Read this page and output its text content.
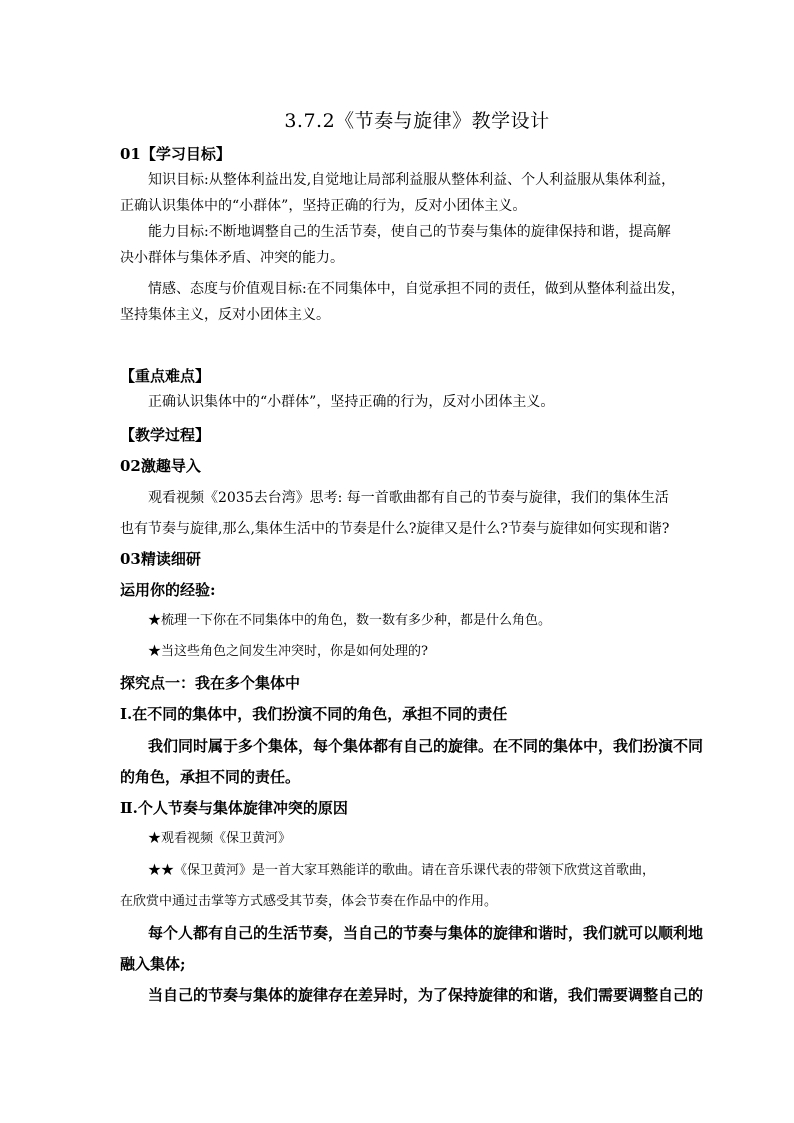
3.7.2《节奏与旋律》教学设计
01【学习目标】
知识目标:从整体利益出发,自觉地让局部利益服从整体利益、个人利益服从集体利益，
正确认识集体中的“小群体”，坚持正确的行为，反对小团体主义。
能力目标:不断地调整自己的生活节奏，使自己的节奏与集体的旋律保持和谐，提高解
决小群体与集体矛盾、冲突的能力。
情感、态度与价值观目标:在不同集体中，自觉承担不同的责任，做到从整体利益出发，
坚持集体主义，反对小团体主义。
【重点难点】
正确认识集体中的“小群体”，坚持正确的行为，反对小团体主义。
【教学过程】
02激趣导入
观看视频《2035去台湾》思考: 每一首歌曲都有自己的节奏与旋律，我们的集体生活
也有节奏与旋律,那么,集体生活中的节奏是什么?旋律又是什么?节奏与旋律如何实现和谐?
03精读细研
运用你的经验:
★梳理一下你在不同集体中的角色，数一数有多少种，都是什么角色。
★当这些角色之间发生冲突时，你是如何处理的?
探究点一：我在多个集体中
Ⅰ.在不同的集体中，我们扮演不同的角色，承担不同的责任
我们同时属于多个集体，每个集体都有自己的旋律。在不同的集体中，我们扮演不同
的角色，承担不同的责任。
Ⅱ.个人节奏与集体旋律冲突的原因
★观看视频《保卫黄河》
★★《保卫黄河》是一首大家耳熟能详的歌曲。请在音乐课代表的带领下欣赏这首歌曲，
在欣赏中通过击掌等方式感受其节奏，体会节奏在作品中的作用。
每个人都有自己的生活节奏，当自己的节奏与集体的旋律和谐时，我们就可以顺利地
融入集体;
当自己的节奏与集体的旋律存在差异时，为了保持旋律的和谐，我们需要调整自己的
